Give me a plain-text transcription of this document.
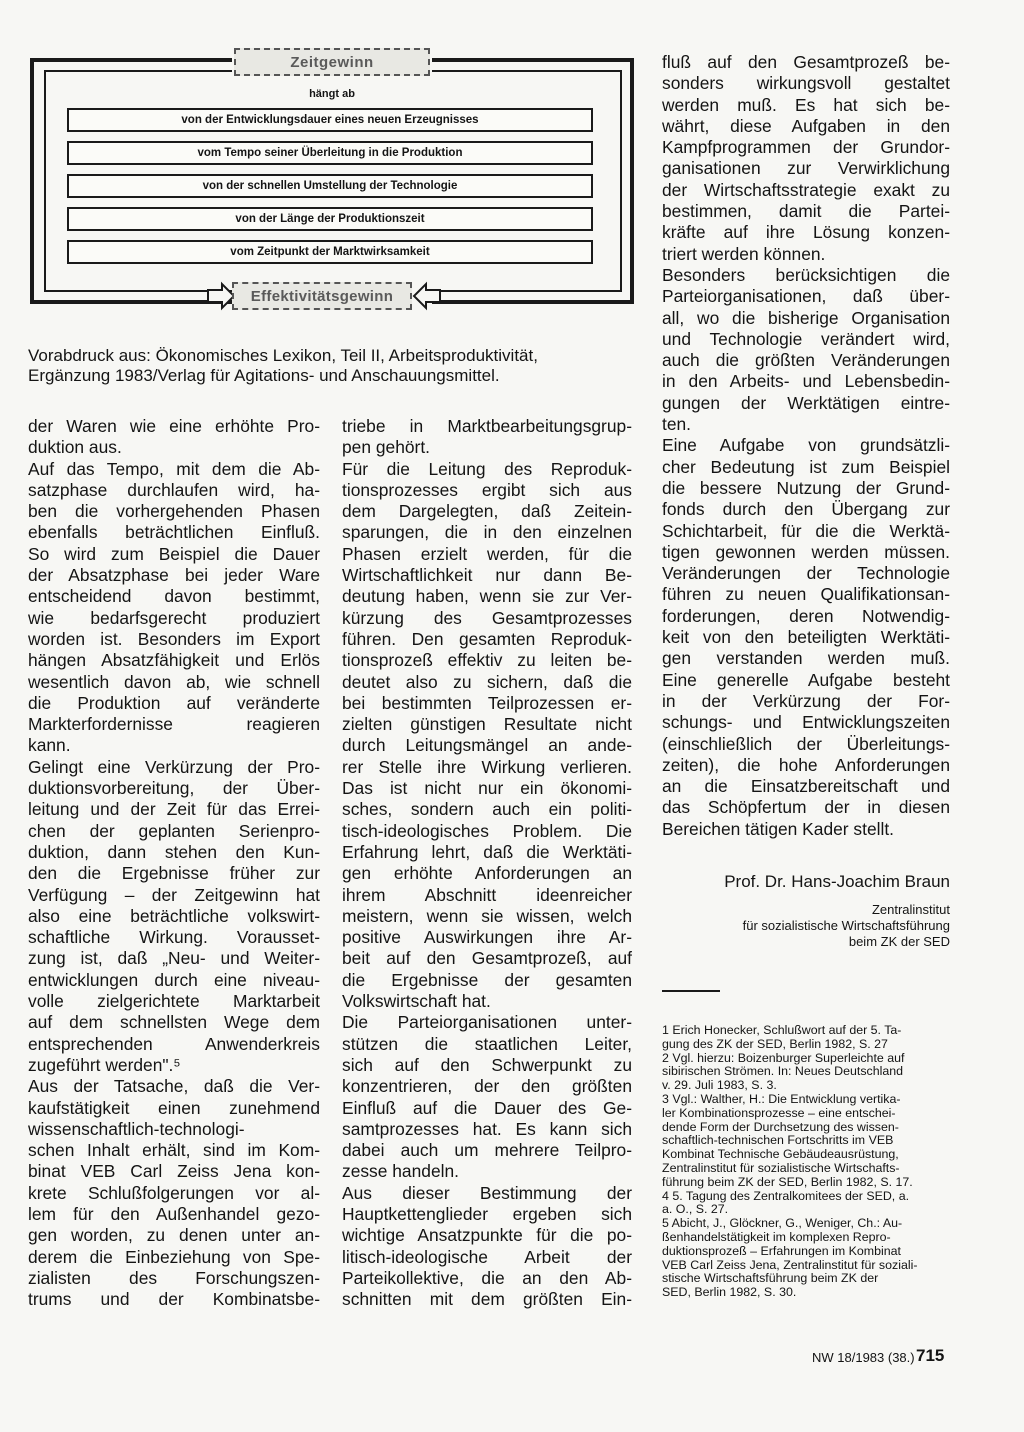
Zeitgewinn
hängt ab
von der Entwicklungsdauer eines neuen Erzeugnisses
vom Tempo seiner Überleitung in die Produktion
von der schnellen Umstellung der Technologie
von der Länge der Produktionszeit
vom Zeitpunkt der Marktwirksamkeit
Effektivitätsgewinn
Vorabdruck aus: Ökonomisches Lexikon, Teil II, Arbeitsproduktivität,
Ergänzung 1983/Verlag für Agitations- und Anschauungsmittel.
der Waren wie eine erhöhte Pro-
duktion aus.
Auf das Tempo, mit dem die Ab-
satzphase durchlaufen wird, ha-
ben die vorhergehenden Phasen
ebenfalls beträchtlichen Einfluß.
So wird zum Beispiel die Dauer
der Absatzphase bei jeder Ware
entscheidend davon bestimmt,
wie bedarfsgerecht produziert
worden ist. Besonders im Export
hängen Absatzfähigkeit und Erlös
wesentlich davon ab, wie schnell
die Produktion auf veränderte
Markterfordernisse reagieren
kann.
Gelingt eine Verkürzung der Pro-
duktionsvorbereitung, der Über-
leitung und der Zeit für das Errei-
chen der geplanten Serienpro-
duktion, dann stehen den Kun-
den die Ergebnisse früher zur
Verfügung – der Zeitgewinn hat
also eine beträchtliche volkswirt-
schaftliche Wirkung. Vorausset-
zung ist, daß „Neu- und Weiter-
entwicklungen durch eine niveau-
volle zielgerichtete Marktarbeit
auf dem schnellsten Wege dem
entsprechenden Anwenderkreis
zugeführt werden".⁵
Aus der Tatsache, daß die Ver-
kaufstätigkeit einen zunehmend
wissenschaftlich-technologi-
schen Inhalt erhält, sind im Kom-
binat VEB Carl Zeiss Jena kon-
krete Schlußfolgerungen vor al-
lem für den Außenhandel gezo-
gen worden, zu denen unter an-
derem die Einbeziehung von Spe-
zialisten des Forschungszen-
trums und der Kombinatsbe-
triebe in Marktbearbeitungsgrup-
pen gehört.
Für die Leitung des Reproduk-
tionsprozesses ergibt sich aus
dem Dargelegten, daß Zeitein-
sparungen, die in den einzelnen
Phasen erzielt werden, für die
Wirtschaftlichkeit nur dann Be-
deutung haben, wenn sie zur Ver-
kürzung des Gesamtprozesses
führen. Den gesamten Reproduk-
tionsprozeß effektiv zu leiten be-
deutet also zu sichern, daß die
bei bestimmten Teilprozessen er-
zielten günstigen Resultate nicht
durch Leitungsmängel an ande-
rer Stelle ihre Wirkung verlieren.
Das ist nicht nur ein ökonomi-
sches, sondern auch ein politi-
tisch-ideologisches Problem. Die
Erfahrung lehrt, daß die Werktäti-
gen erhöhte Anforderungen an
ihrem Abschnitt ideenreicher
meistern, wenn sie wissen, welch
positive Auswirkungen ihre Ar-
beit auf den Gesamtprozeß, auf
die Ergebnisse der gesamten
Volkswirtschaft hat.
Die Parteiorganisationen unter-
stützen die staatlichen Leiter,
sich auf den Schwerpunkt zu
konzentrieren, der den größten
Einfluß auf die Dauer des Ge-
samtprozesses hat. Es kann sich
dabei auch um mehrere Teilpro-
zesse handeln.
Aus dieser Bestimmung der
Hauptkettenglieder ergeben sich
wichtige Ansatzpunkte für die po-
litisch-ideologische Arbeit der
Parteikollektive, die an den Ab-
schnitten mit dem größten Ein-
fluß auf den Gesamtprozeß be-
sonders wirkungsvoll gestaltet
werden muß. Es hat sich be-
währt, diese Aufgaben in den
Kampfprogrammen der Grundor-
ganisationen zur Verwirklichung
der Wirtschaftsstrategie exakt zu
bestimmen, damit die Partei-
kräfte auf ihre Lösung konzen-
triert werden können.
Besonders berücksichtigen die
Parteiorganisationen, daß über-
all, wo die bisherige Organisation
und Technologie verändert wird,
auch die größten Veränderungen
in den Arbeits- und Lebensbedin-
gungen der Werktätigen eintre-
ten.
Eine Aufgabe von grundsätzli-
cher Bedeutung ist zum Beispiel
die bessere Nutzung der Grund-
fonds durch den Übergang zur
Schichtarbeit, für die die Werktä-
tigen gewonnen werden müssen.
Veränderungen der Technologie
führen zu neuen Qualifikationsan-
forderungen, deren Notwendig-
keit von den beteiligten Werktäti-
gen verstanden werden muß.
Eine generelle Aufgabe besteht
in der Verkürzung der For-
schungs- und Entwicklungszeiten
(einschließlich der Überleitungs-
zeiten), die hohe Anforderungen
an die Einsatzbereitschaft und
das Schöpfertum der in diesen
Bereichen tätigen Kader stellt.
Prof. Dr. Hans-Joachim Braun
Zentralinstitut
für sozialistische Wirtschaftsführung
beim ZK der SED
1 Erich Honecker, Schlußwort auf der 5. Ta-
gung des ZK der SED, Berlin 1982, S. 27
2 Vgl. hierzu: Boizenburger Superleichte auf
sibirischen Strömen. In: Neues Deutschland
v. 29. Juli 1983, S. 3.
3 Vgl.: Walther, H.: Die Entwicklung vertika-
ler Kombinationsprozesse – eine entschei-
dende Form der Durchsetzung des wissen-
schaftlich-technischen Fortschritts im VEB
Kombinat Technische Gebäudeausrüstung,
Zentralinstitut für sozialistische Wirtschafts-
führung beim ZK der SED, Berlin 1982, S. 17.
4 5. Tagung des Zentralkomitees der SED, a.
a. O., S. 27.
5 Abicht, J., Glöckner, G., Weniger, Ch.: Au-
ßenhandelstätigkeit im komplexen Repro-
duktionsprozeß – Erfahrungen im Kombinat
VEB Carl Zeiss Jena, Zentralinstitut für soziali-
stische Wirtschaftsführung beim ZK der
SED, Berlin 1982, S. 30.
NW 18/1983 (38.) 715
